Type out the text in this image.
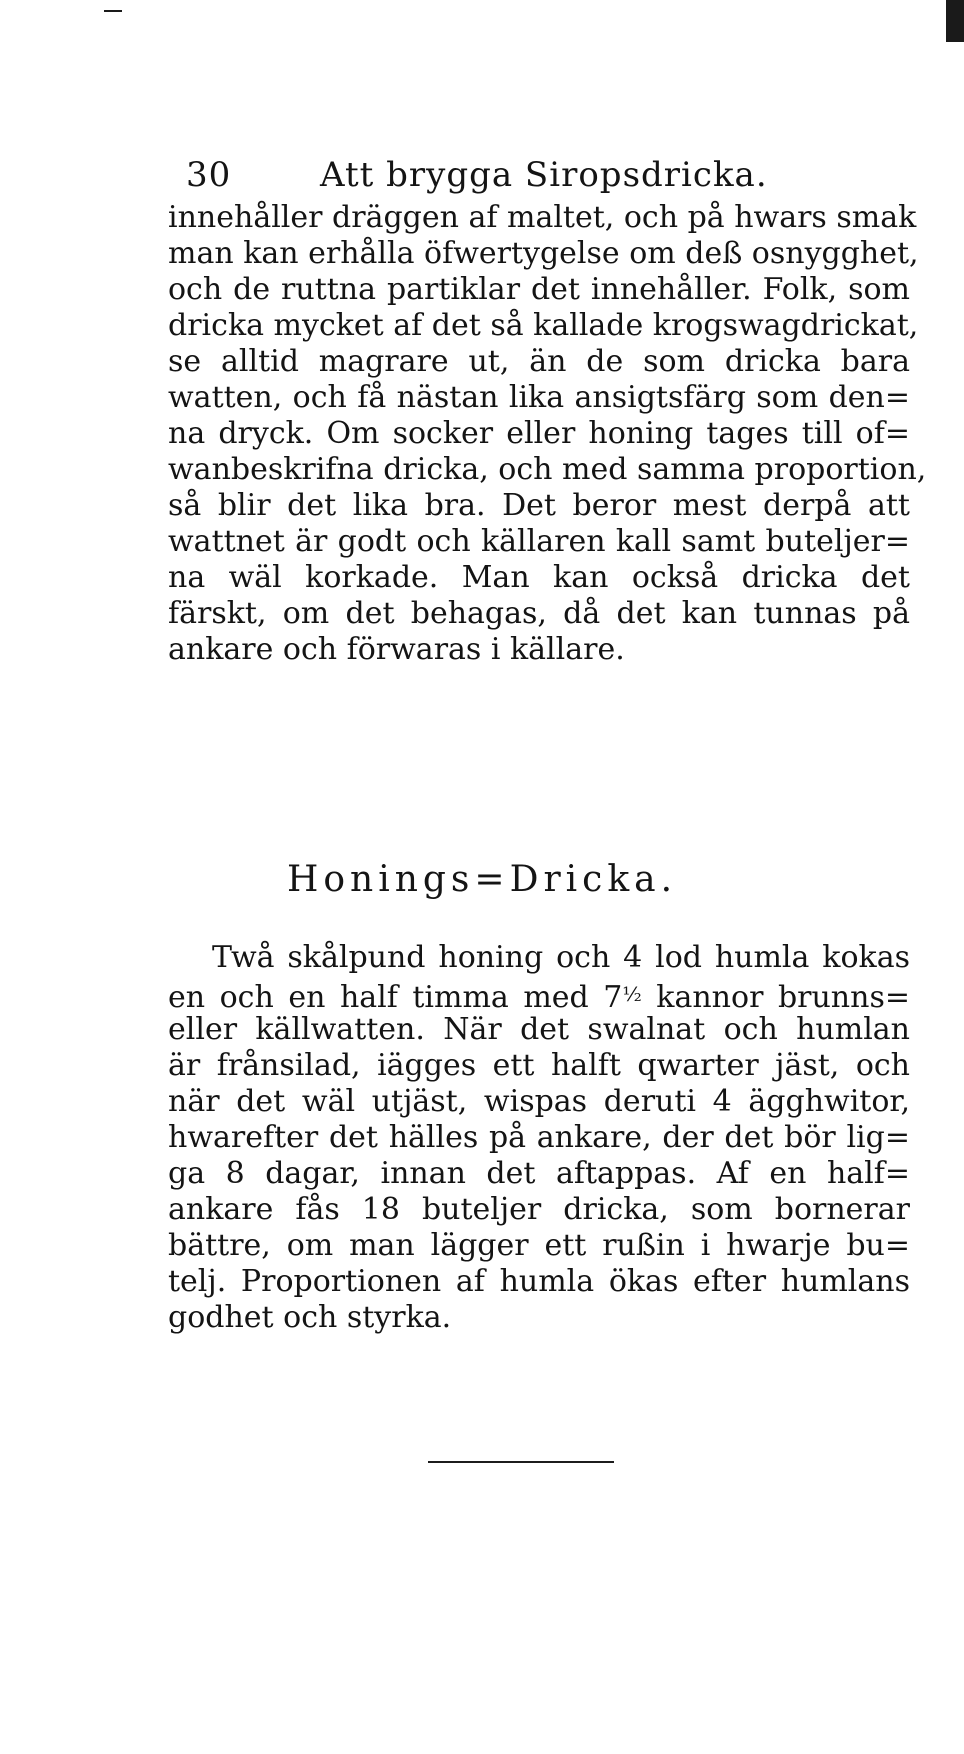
30	Att brygga Siropsdricka.
innehåller dräggen af maltet, och på hwars smak
man kan erhålla öfwertygelse om deß osnygghet,
och de ruttna partiklar det innehåller. Folk, som
dricka mycket af det så kallade krogswagdrickat,
se alltid magrare ut, än de som dricka bara
watten, och få nästan lika ansigtsfärg som den=
na dryck. Om socker eller honing tages till of=
wanbeskrifna dricka, och med samma proportion,
så blir det lika bra. Det beror mest derpå att
wattnet är godt och källaren kall samt buteljer=
na wäl korkade. Man kan också dricka det
färskt, om det behagas, då det kan tunnas på
ankare och förwaras i källare.
Honings=Dricka.
Twå skålpund honing och 4 lod humla kokas
en och en half timma med $7^{\frac{1}{2}}$ kannor brunns=
eller källwatten. När det swalnat och humlan
är frånsilad, iägges ett halft qwarter jäst, och
när det wäl utjäst, wispas deruti 4 ägghwitor,
hwarefter det hälles på ankare, der det bör lig=
ga 8 dagar, innan det aftappas. Af en half=
ankare fås 18 buteljer dricka, som bornerar
bättre, om man lägger ett rußin i hwarje bu=
telj. Proportionen af humla ökas efter humlans
godhet och styrka.
